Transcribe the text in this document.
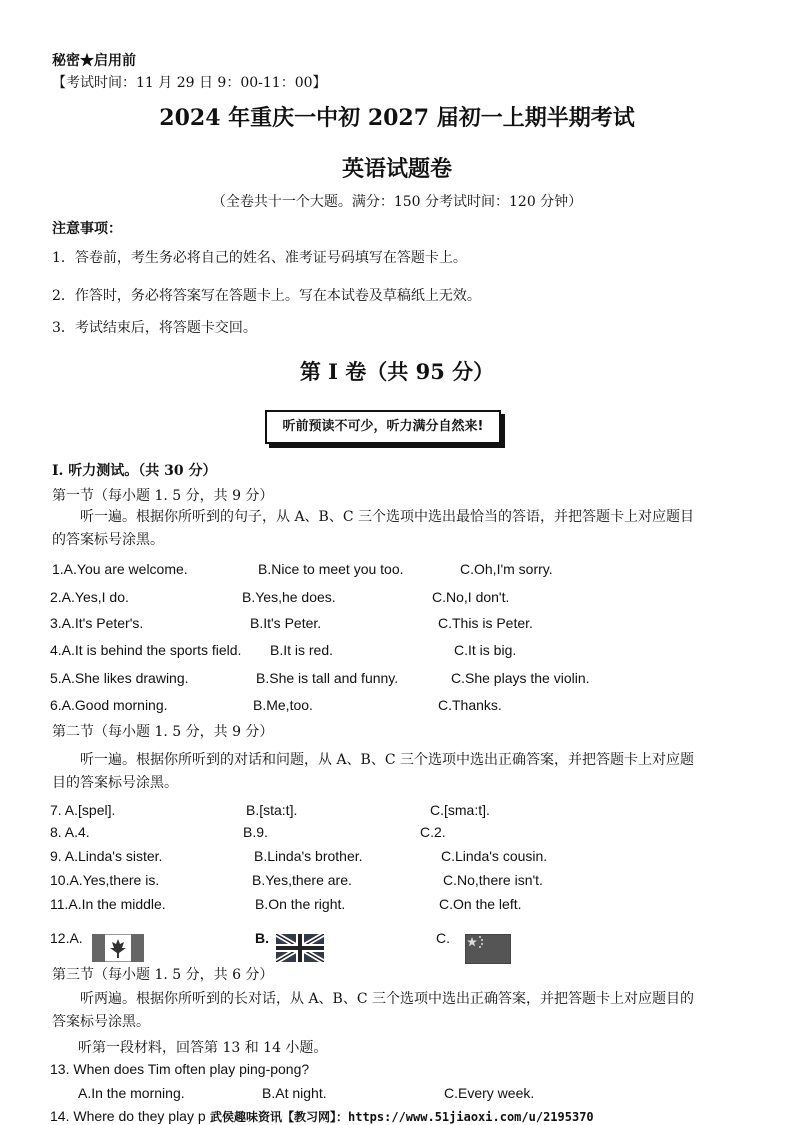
秘密★启用前
【考试时间：11 月 29 日 9：00-11：00】
2024 年重庆一中初 2027 届初一上期半期考试
英语试题卷
（全卷共十一个大题。满分：150 分考试时间：120 分钟）
注意事项：
1．答卷前，考生务必将自己的姓名、准考证号码填写在答题卡上。
2．作答时，务必将答案写在答题卡上。写在本试卷及草稿纸上无效。
3．考试结束后，将答题卡交回。
第 I 卷（共 95 分）
听前预读不可少，听力满分自然来!
I. 听力测试。（共 30 分）
第一节（每小题 1. 5 分，共 9 分）
听一遍。根据你所听到的句子，从 A、B、C 三个选项中选出最恰当的答语，并把答题卡上对应题目的答案标号涂黑。
1.A.You are welcome.	B.Nice to meet you too.	C.Oh,I'm sorry.
2.A.Yes,I do.	B.Yes,he does.	C.No,I don't.
3.A.It's Peter's.	B.It's Peter.	C.This is Peter.
4.A.It is behind the sports field. B.It is red.	C.It is big.
5.A.She likes drawing.	B.She is tall and funny.	C.She plays the violin.
6.A.Good morning.	B.Me,too.	C.Thanks.
第二节（每小题 1. 5 分，共 9 分）
听一遍。根据你所听到的对话和问题，从 A、B、C 三个选项中选出正确答案，并把答题卡上对应题目的答案标号涂黑。
7. A.[spel].	B.[sta:t].	C.[sma:t].
8. A.4.	B.9.	C.2.
9. A.Linda's sister.	B.Linda's brother.	C.Linda's cousin.
10.A.Yes,there is.	B.Yes,there are.	C.No,there isn't.
11.A.In the middle.	B.On the right.	C.On the left.
12.A.	B.	C.
第三节（每小题 1. 5 分，共 6 分）
听两遍。根据你所听到的长对话，从 A、B、C 三个选项中选出正确答案，并把答题卡上对应题目的答案标号涂黑。
听第一段材料，回答第 13 和 14 小题。
13. When does Tim often play ping-pong?
A.In the morning.	B.At night.	C.Every week.
14. Where do they play p 武侯趣味资讯【教习网】：https://www.51jiaoxi.com/u/2195370
